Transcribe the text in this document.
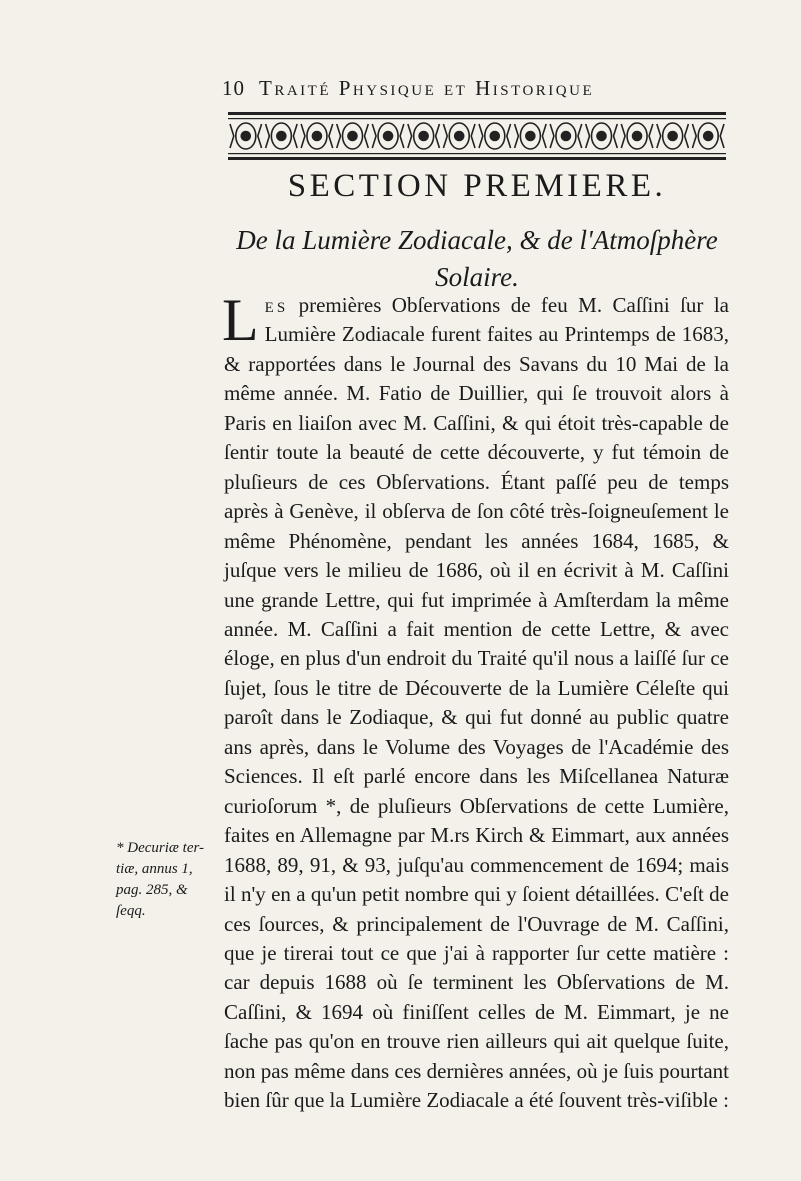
10 Traité Physique et Historique
SECTION PREMIERE.
De la Lumière Zodiacale, & de l'Atmoſphère Solaire.

Les premières Obſervations de feu M. Caſſini ſur la Lumière Zodiacale furent faites au Printemps de 1683, & rapportées dans le Journal des Savans du 10 Mai de la même année. M. Fatio de Duillier, qui ſe trouvoit alors à Paris en liaiſon avec M. Caſſini, & qui étoit très-capable de ſentir toute la beauté de cette découverte, y fut témoin de pluſieurs de ces Obſervations. Étant paſſé peu de temps après à Genève, il obſerva de ſon côté très-ſoigneuſement le même Phénomène, pendant les années 1684, 1685, & juſque vers le milieu de 1686, où il en écrivit à M. Caſſini une grande Lettre, qui fut imprimée à Amſterdam la même année. M. Caſſini a fait mention de cette Lettre, & avec éloge, en plus d'un endroit du Traité qu'il nous a laiſſé ſur ce ſujet, ſous le titre de Découverte de la Lumière Céleſte qui paroît dans le Zodiaque, & qui fut donné au public quatre ans après, dans le Volume des Voyages de l'Académie des Sciences. Il eſt parlé encore dans les Miſcellanea Naturæ curioſorum *, de pluſieurs Obſervations de cette Lumière, faites en Allemagne par M.rs Kirch & Eimmart, aux années 1688, 89, 91, & 93, juſqu'au commencement de 1694; mais il n'y en a qu'un petit nombre qui y ſoient détaillées. C'eſt de ces ſources, & principalement de l'Ouvrage de M. Caſſini, que je tirerai tout ce que j'ai à rapporter ſur cette matière : car depuis 1688 où ſe terminent les Obſervations de M. Caſſini, & 1694 où finiſſent celles de M. Eimmart, je ne ſache pas qu'on en trouve rien ailleurs qui ait quelque ſuite, non pas même dans ces dernières années, où je ſuis pourtant bien ſûr que la Lumière Zodiacale a été ſouvent très-viſible :

* Decuriæ ter-tiæ, annus 1, pag. 285, & ſeqq.
